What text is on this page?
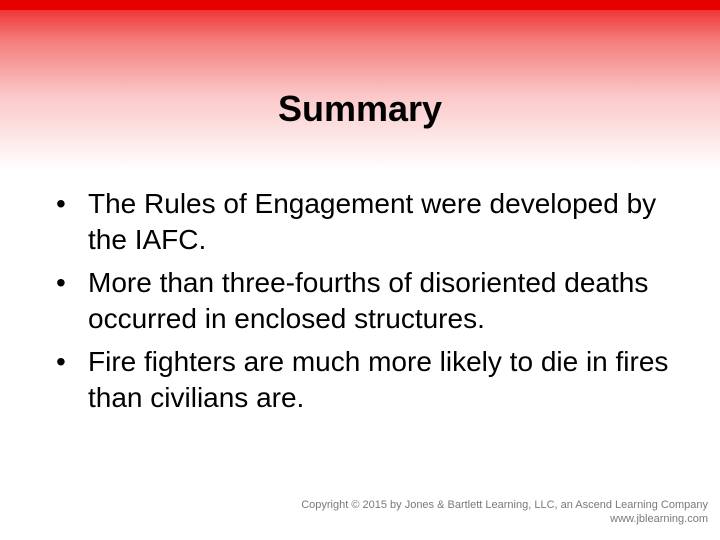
Summary
• The Rules of Engagement were developed by the IAFC.
• More than three-fourths of disoriented deaths occurred in enclosed structures.
• Fire fighters are much more likely to die in fires than civilians are.
Copyright © 2015 by Jones & Bartlett Learning, LLC, an Ascend Learning Company
www.jblearning.com
